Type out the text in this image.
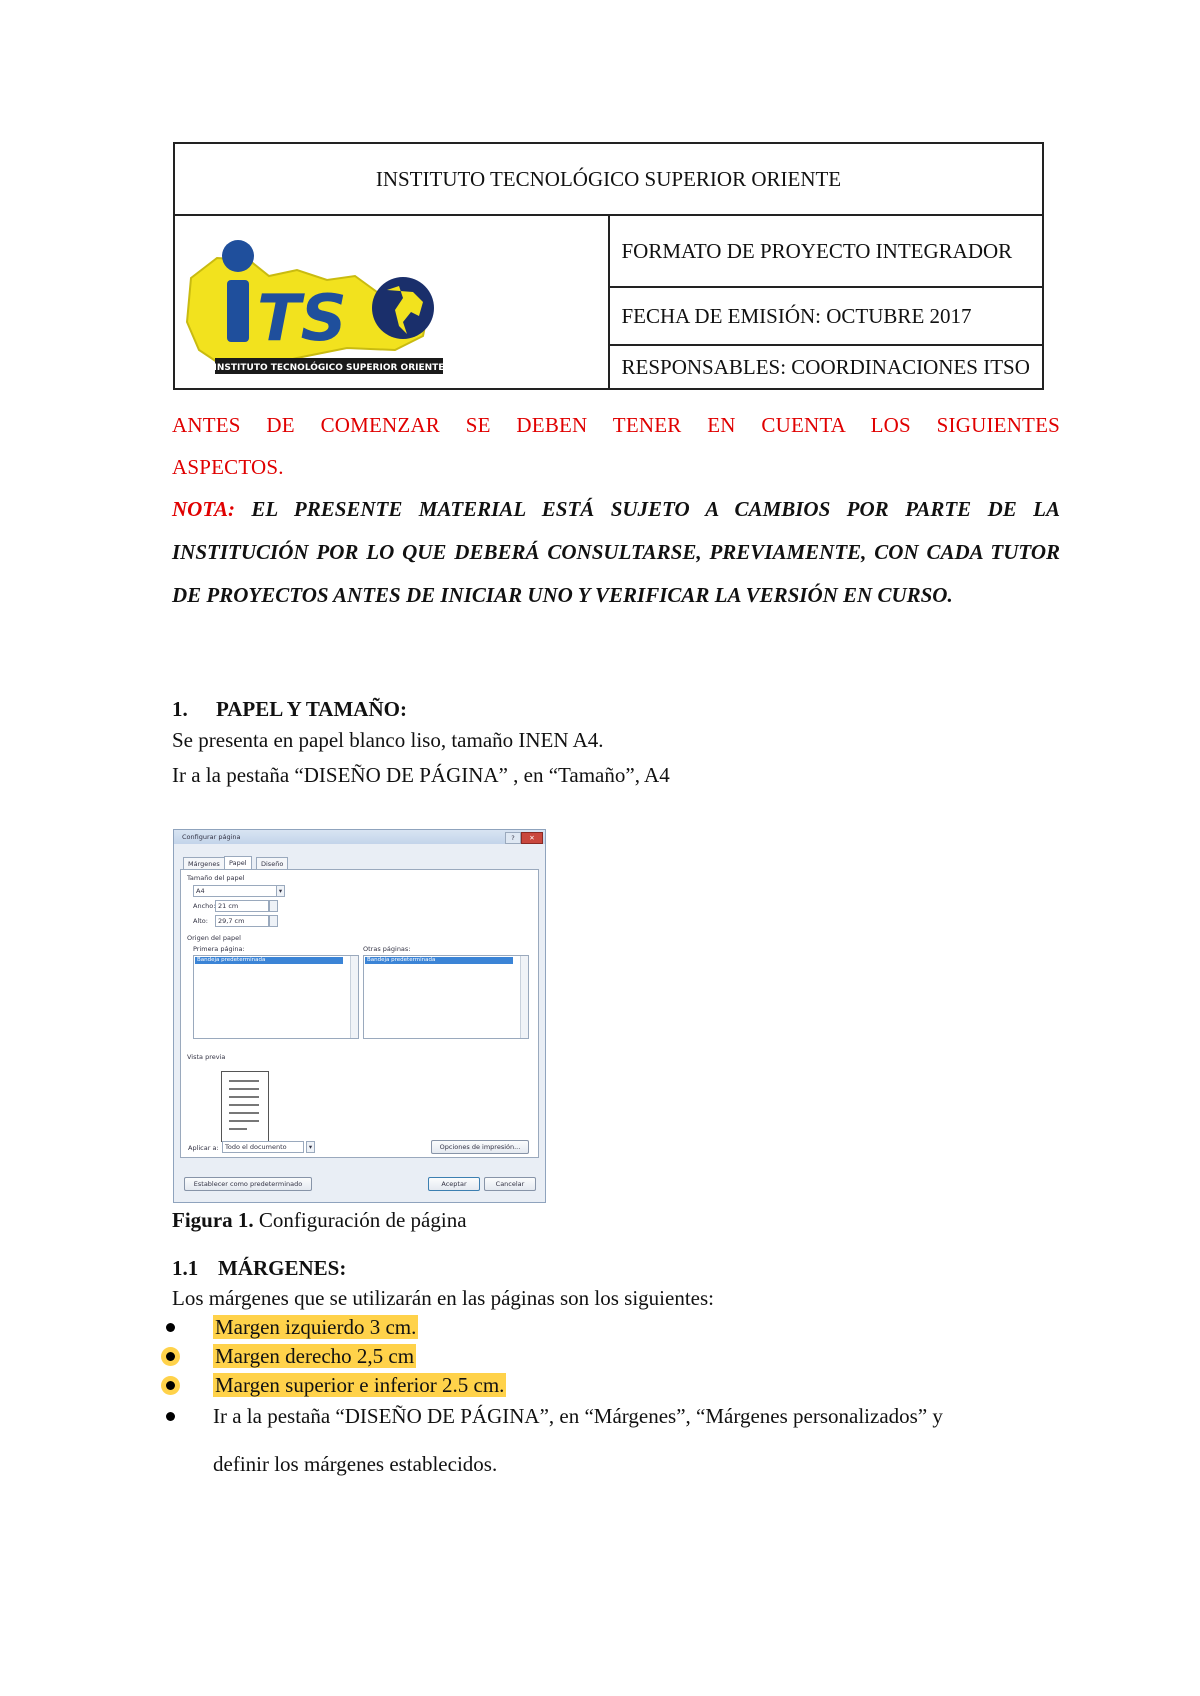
INSTITUTO TECNOLÓGICO SUPERIOR ORIENTE

TS
INSTITUTO TECNOLÓGICO SUPERIOR ORIENTE
	FORMATO DE PROYECTO INTEGRADOR
FECHA DE EMISIÓN: OCTUBRE 2017
RESPONSABLES: COORDINACIONES ITSO
ANTES DE COMENZAR SE DEBEN TENER EN CUENTA LOS SIGUIENTES
ASPECTOS.
NOTA: EL PRESENTE MATERIAL ESTÁ SUJETO A CAMBIOS POR PARTE DE LA INSTITUCIÓN POR LO QUE DEBERÁ CONSULTARSE, PREVIAMENTE, CON CADA TUTOR DE PROYECTOS ANTES DE INICIAR UNO Y VERIFICAR LA VERSIÓN EN CURSO.
1. PAPEL Y TAMAÑO:
Se presenta en papel blanco liso, tamaño INEN A4.
Ir a la pestaña “DISEÑO DE PÁGINA” , en “Tamaño”, A4
Configurar página	?	✕
Márgenes	Papel	Diseño
Tamaño del papel
A4	▾
Ancho: 21 cm
Alto:	29,7 cm
Origen del papel
Primera página:	Otras páginas:
Bandeja predeterminada	Bandeja predeterminada
Vista previa
Aplicar a: Todo el documento	▾	Opciones de impresión...
Establecer como predeterminado	Aceptar	Cancelar
Figura 1. Configuración de página
1.1 MÁRGENES:
Los márgenes que se utilizarán en las páginas son los siguientes:
Margen izquierdo 3 cm.
Margen derecho 2,5 cm
Margen superior e inferior 2.5 cm.
Ir a la pestaña “DISEÑO DE PÁGINA”, en “Márgenes”, “Márgenes personalizados” y
definir los márgenes establecidos.
